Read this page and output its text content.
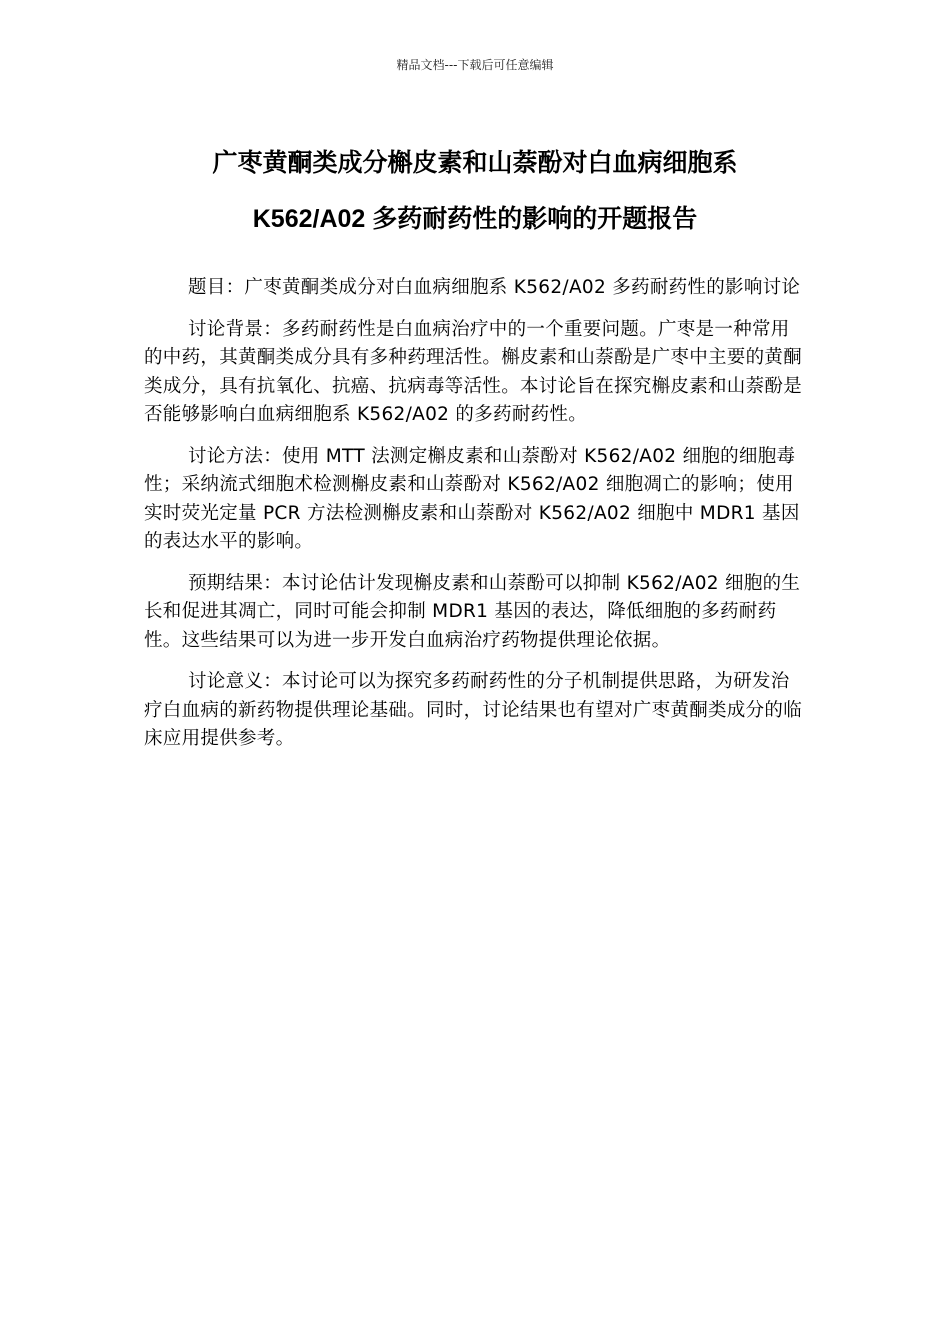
精品文档---下载后可任意编辑
广枣黄酮类成分槲皮素和山萘酚对白血病细胞系
K562/A02 多药耐药性的影响的开题报告

题目：广枣黄酮类成分对白血病细胞系 K562/A02 多药耐药性的影响讨论

讨论背景：多药耐药性是白血病治疗中的一个重要问题。广枣是一种常用的中药，其黄酮类成分具有多种药理活性。槲皮素和山萘酚是广枣中主要的黄酮类成分，具有抗氧化、抗癌、抗病毒等活性。本讨论旨在探究槲皮素和山萘酚是否能够影响白血病细胞系 K562/A02 的多药耐药性。

讨论方法：使用 MTT 法测定槲皮素和山萘酚对 K562/A02 细胞的细胞毒性；采纳流式细胞术检测槲皮素和山萘酚对 K562/A02 细胞凋亡的影响；使用实时荧光定量 PCR 方法检测槲皮素和山萘酚对 K562/A02 细胞中 MDR1 基因的表达水平的影响。

预期结果：本讨论估计发现槲皮素和山萘酚可以抑制 K562/A02 细胞的生长和促进其凋亡，同时可能会抑制 MDR1 基因的表达，降低细胞的多药耐药性。这些结果可以为进一步开发白血病治疗药物提供理论依据。

讨论意义：本讨论可以为探究多药耐药性的分子机制提供思路，为研发治疗白血病的新药物提供理论基础。同时，讨论结果也有望对广枣黄酮类成分的临床应用提供参考。
